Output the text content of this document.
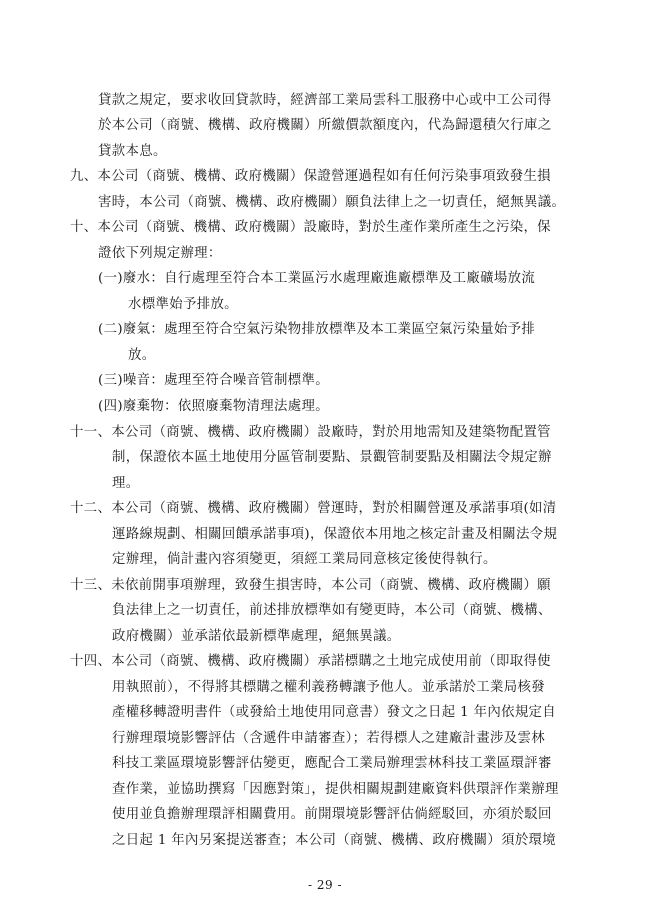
貸款之規定，要求收回貸款時，經濟部工業局雲科工服務中心或中工公司得
於本公司（商號、機構、政府機關）所繳價款額度內，代為歸還積欠行庫之
貸款本息。
九、本公司（商號、機構、政府機關）保證營運過程如有任何污染事項致發生損
害時，本公司（商號、機構、政府機關）願負法律上之一切責任，絕無異議。
十、本公司（商號、機構、政府機關）設廠時，對於生產作業所產生之污染，保
證依下列規定辦理：
(一)廢水：自行處理至符合本工業區污水處理廠進廠標準及工廠礦場放流
水標準始予排放。
(二)廢氣：處理至符合空氣污染物排放標準及本工業區空氣污染量始予排
放。
(三)噪音：處理至符合噪音管制標準。
(四)廢棄物：依照廢棄物清理法處理。
十一、本公司（商號、機構、政府機關）設廠時，對於用地需知及建築物配置管
制，保證依本區土地使用分區管制要點、景觀管制要點及相關法令規定辦
理。
十二、本公司（商號、機構、政府機關）營運時，對於相關營運及承諾事項(如清
運路線規劃、相關回饋承諾事項)，保證依本用地之核定計畫及相關法令規
定辦理，倘計畫內容須變更，須經工業局同意核定後使得執行。
十三、未依前開事項辦理，致發生損害時，本公司（商號、機構、政府機關）願
負法律上之一切責任，前述排放標準如有變更時，本公司（商號、機構、
政府機關）並承諾依最新標準處理，絕無異議。
十四、本公司（商號、機構、政府機關）承諾標購之土地完成使用前（即取得使
用執照前），不得將其標購之權利義務轉讓予他人。並承諾於工業局核發
產權移轉證明書件（或發給土地使用同意書）發文之日起 1 年內依規定自
行辦理環境影響評估（含遞件申請審查）；若得標人之建廠計畫涉及雲林
科技工業區環境影響評估變更，應配合工業局辦理雲林科技工業區環評審
查作業，並協助撰寫「因應對策」，提供相關規劃建廠資料供環評作業辦理
使用並負擔辦理環評相關費用。前開環境影響評估倘經駁回，亦須於駁回
之日起 1 年內另案提送審查；本公司（商號、機構、政府機關）須於環境
- 29 -
